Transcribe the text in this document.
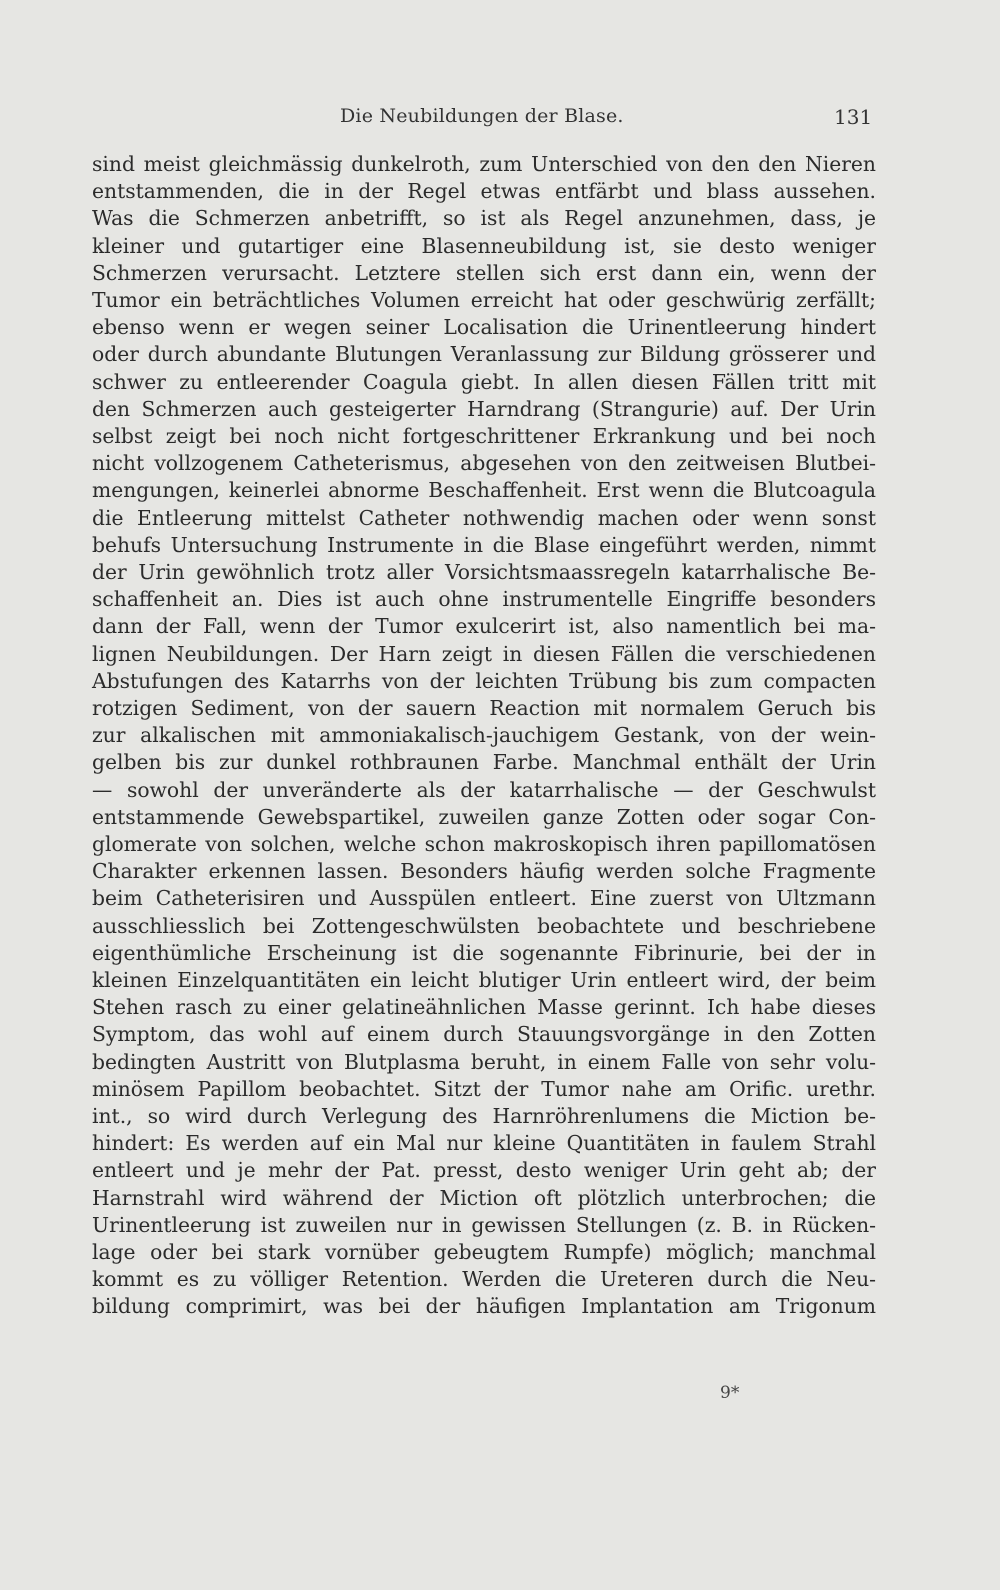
Die Neubildungen der Blase.	131
sind meist gleichmässig dunkelroth, zum Unterschied von den den Nieren
entstammenden, die in der Regel etwas entfärbt und blass aussehen.
Was die Schmerzen anbetrifft, so ist als Regel anzunehmen, dass, je
kleiner und gutartiger eine Blasenneubildung ist, sie desto weniger
Schmerzen verursacht. Letztere stellen sich erst dann ein, wenn der
Tumor ein beträchtliches Volumen erreicht hat oder geschwürig zerfällt;
ebenso wenn er wegen seiner Localisation die Urinentleerung hindert
oder durch abundante Blutungen Veranlassung zur Bildung grösserer und
schwer zu entleerender Coagula giebt. In allen diesen Fällen tritt mit
den Schmerzen auch gesteigerter Harndrang (Strangurie) auf. Der Urin
selbst zeigt bei noch nicht fortgeschrittener Erkrankung und bei noch
nicht vollzogenem Catheterismus, abgesehen von den zeitweisen Blutbei-
mengungen, keinerlei abnorme Beschaffenheit. Erst wenn die Blutcoagula
die Entleerung mittelst Catheter nothwendig machen oder wenn sonst
behufs Untersuchung Instrumente in die Blase eingeführt werden, nimmt
der Urin gewöhnlich trotz aller Vorsichtsmaassregeln katarrhalische Be-
schaffenheit an. Dies ist auch ohne instrumentelle Eingriffe besonders
dann der Fall, wenn der Tumor exulcerirt ist, also namentlich bei ma-
lignen Neubildungen. Der Harn zeigt in diesen Fällen die verschiedenen
Abstufungen des Katarrhs von der leichten Trübung bis zum compacten
rotzigen Sediment, von der sauern Reaction mit normalem Geruch bis
zur alkalischen mit ammoniakalisch-jauchigem Gestank, von der wein-
gelben bis zur dunkel rothbraunen Farbe. Manchmal enthält der Urin
— sowohl der unveränderte als der katarrhalische — der Geschwulst
entstammende Gewebspartikel, zuweilen ganze Zotten oder sogar Con-
glomerate von solchen, welche schon makroskopisch ihren papillomatösen
Charakter erkennen lassen. Besonders häufig werden solche Fragmente
beim Catheterisiren und Ausspülen entleert. Eine zuerst von Ultzmann
ausschliesslich bei Zottengeschwülsten beobachtete und beschriebene
eigenthümliche Erscheinung ist die sogenannte Fibrinurie, bei der in
kleinen Einzelquantitäten ein leicht blutiger Urin entleert wird, der beim
Stehen rasch zu einer gelatineähnlichen Masse gerinnt. Ich habe dieses
Symptom, das wohl auf einem durch Stauungsvorgänge in den Zotten
bedingten Austritt von Blutplasma beruht, in einem Falle von sehr volu-
minösem Papillom beobachtet. Sitzt der Tumor nahe am Orific. urethr.
int., so wird durch Verlegung des Harnröhrenlumens die Miction be-
hindert: Es werden auf ein Mal nur kleine Quantitäten in faulem Strahl
entleert und je mehr der Pat. presst, desto weniger Urin geht ab; der
Harnstrahl wird während der Miction oft plötzlich unterbrochen; die
Urinentleerung ist zuweilen nur in gewissen Stellungen (z. B. in Rücken-
lage oder bei stark vornüber gebeugtem Rumpfe) möglich; manchmal
kommt es zu völliger Retention. Werden die Ureteren durch die Neu-
bildung comprimirt, was bei der häufigen Implantation am Trigonum
9*
